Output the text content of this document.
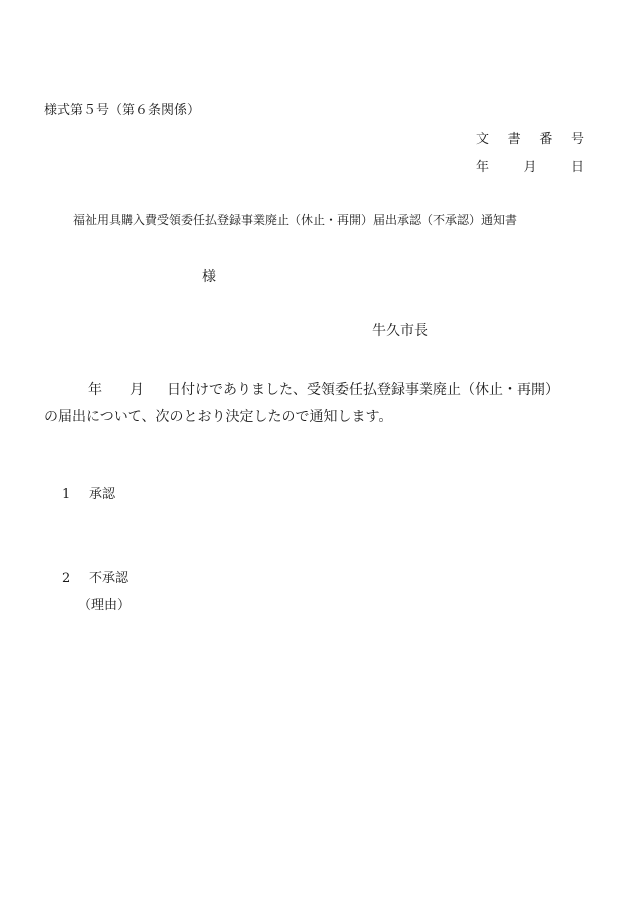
様式第５号（第６条関係）
文 書 番 号
年	月	日
福祉用具購入費受領委任払登録事業廃止（休止・再開）届出承認（不承認）通知書
様
牛久市長
年 月 日付けでありました、受領委任払登録事業廃止（休止・再開）
の届出について、次のとおり決定したので通知します。
1 承認
2 不承認
（理由）
